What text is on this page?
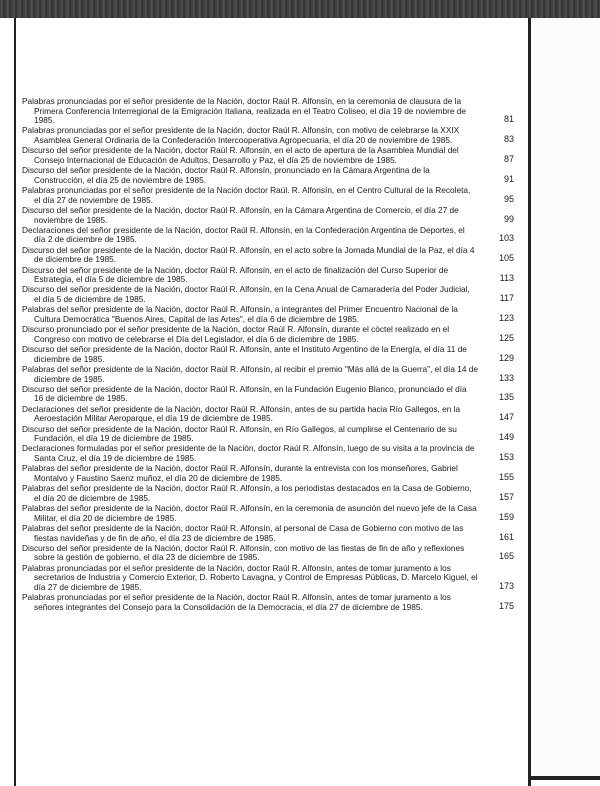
Palabras pronunciadas por el señor presidente de la Nación, doctor Raúl R. Alfonsín, en la ceremonia de clausura de la Primera Conferencia Interregional de la Emigración Italiana, realizada en el Teatro Coliseo, el día 19 de noviembre de 1985.	81
Palabras pronunciadas por el señor presidente de la Nación, doctor Raúl R. Alfonsín, con motivo de celebrarse la XXIX Asamblea General Ordinaria de la Confederación Intercooperativa Agropecuaria, el día 20 de noviembre de 1985.	83
Discurso del señor presidente de la Nación, doctor Raúl R. Alfonsín, en el acto de apertura de la Asamblea Mundial del Consejo Internacional de Educación de Adultos, Desarrollo y Paz, el día 25 de noviembre de 1985.	87
Discurso del señor presidente de la Nación, doctor Raúl R. Alfonsín, pronunciado en la Cámara Argentina de la Construcción, el día 25 de noviembre de 1985.	91
Palabras pronunciadas por el señor presidente de la Nación doctor Raúl. R. Alfonsín, en el Centro Cultural de la Recoleta, el día 27 de noviembre de 1985.	95
Discurso del señor presidente de la Nación, doctor Raúl R. Alfonsín, en la Cámara Argentina de Comercio, el día 27 de noviembre de 1985.	99
Declaraciones del señor presidente de la Nación, doctor Raúl R. Alfonsín, en la Confederación Argentina de Deportes, el día 2 de diciembre de 1985.	103
Discurso del señor presidente de la Nación, doctor Raúl R. Alfonsín, en el acto sobre la Jornada Mundial de la Paz, el día 4 de diciembre de 1985.	105
Discurso del señor presidente de la Nación, doctor Raúl R. Alfonsín, en el acto de finalización del Curso Superior de Estrategia, el día 5 de diciembre de 1985.	113
Discurso del señor presidente de la Nación, doctor Raúl R. Alfonsín, en la Cena Anual de Camaradería del Poder Judicial, el día 5 de diciembre de 1985.	117
Palabras del señor presidente de la Nación, doctor Raúl R. Alfonsín, a integrantes del Primer Encuentro Nacional de la Cultura Democrática "Buenos Aires, Capital de las Artes", el día 6 de diciembre de 1985.	123
Discurso pronunciado por el señor presidente de la Nación, doctor Raúl R. Alfonsín, durante el cóctel realizado en el Congreso con motivo de celebrarse el Día del Legislador, el día 6 de diciembre de 1985.	125
Discurso del señor presidente de la Nación, doctor Raúl R. Alfonsín, ante el Instituto Argentino de la Energía, el día 11 de diciembre de 1985.	129
Palabras del señor presidente de la Nación, doctor Raúl R. Alfonsín, al recibir el premio "Más allá de la Guerra", el día 14 de diciembre de 1985.	133
Discurso del señor presidente de la Nación, doctor Raúl R. Alfonsín, en la Fundación Eugenio Blanco, pronunciado el día 16 de diciembre de 1985.	135
Declaraciones del señor presidente de la Nación, doctor Raúl R. Alfonsín, antes de su partida hacia Río Gallegos, en la Aeroestación Militar Aeroparque, el día 19 de diciembre de 1985.	147
Discurso del señor presidente de la Nación, doctor Raúl R. Alfonsín, en Río Gallegos, al cumplirse el Centenario de su Fundación, el día 19 de diciembre de 1985.	149
Declaraciones formuladas por el señor presidente de la Nación, doctor Raúl R. Alfonsín, luego de su visita a la provincia de Santa Cruz, el día 19 de diciembre de 1985.	153
Palabras del señor presidente de la Nación, doctor Raúl R. Alfonsín, durante la entrevista con los monseñores, Gabriel Montalvo y Faustino Saenz muñoz, el día 20 de diciembre de 1985.	155
Palabras del señor presidente de la Nación, doctor Raúl R. Alfonsín, a los periodistas destacados en la Casa de Gobierno, el día 20 de diciembre de 1985.	157
Palabras del señor presidente de la Nación, doctor Raúl R. Alfonsín, en la ceremonia de asunción del nuevo jefe de la Casa Militar, el día 20 de diciembre de 1985.	159
Palabras del señor presidente de la Nación, doctor Raúl R. Alfonsín, al personal de Casa de Gobierno con motivo de las fiestas navideñas y de fin de año, el día 23 de diciembre de 1985.	161
Discurso del señor presidente de la Nación, doctor Raúl R. Alfonsín, con motivo de las fiestas de fin de año y reflexiones sobre la gestión de gobierno, el día 23 de diciembre de 1985.	165
Palabras pronunciadas por el señor presidente de la Nación, doctor Raúl R. Alfonsín, antes de tomar juramento a los secretarios de Industria y Comercio Exterior, D. Roberto Lavagna, y Control de Empresas Públicas, D. Marcelo Kiguel, el día 27 de diciembre de 1985.	173
Palabras pronunciadas por el señor presidente de la Nación, doctor Raúl R. Alfonsín, antes de tomar juramento a los señores integrantes del Consejo para la Consolidación de la Democracia, el día 27 de diciembre de 1985.	175
